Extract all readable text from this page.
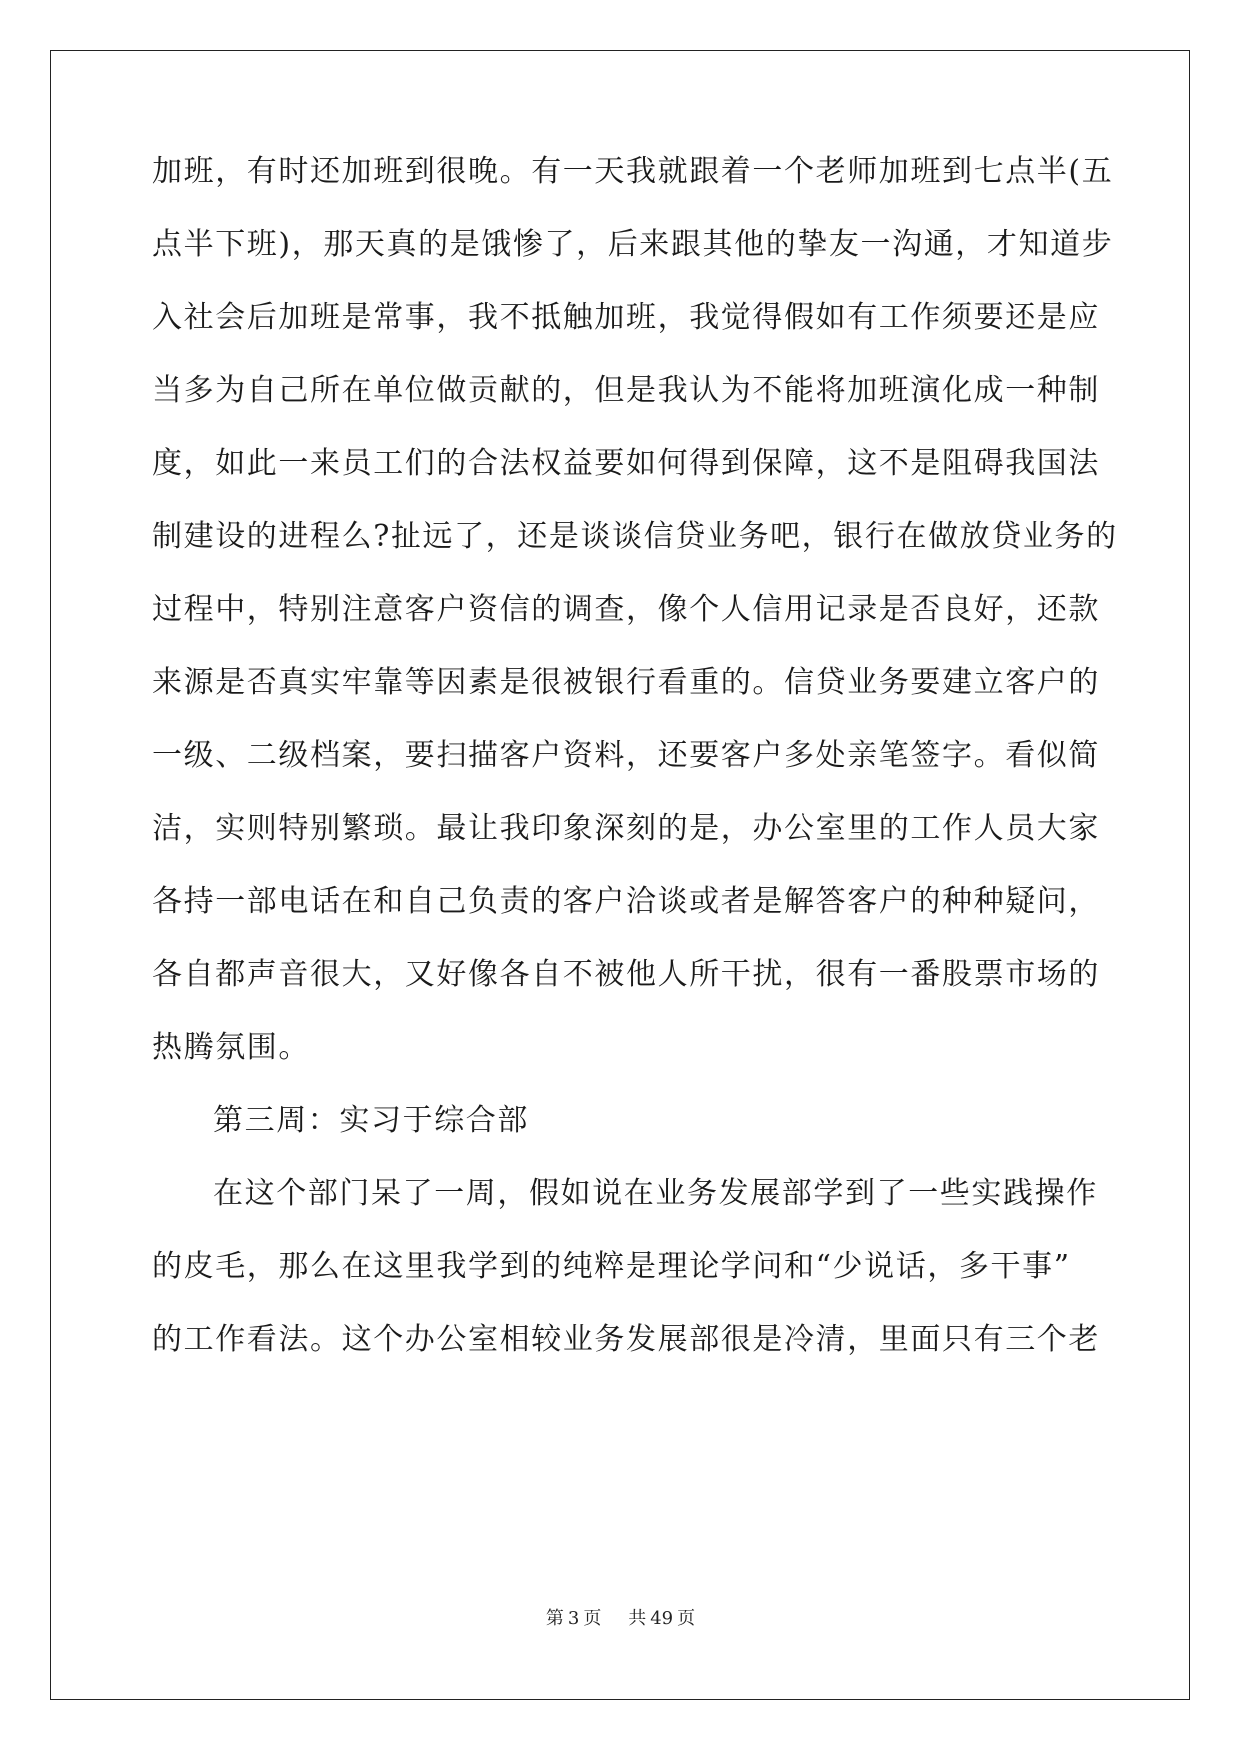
加班，有时还加班到很晚。有一天我就跟着一个老师加班到七点半(五
点半下班)，那天真的是饿惨了，后来跟其他的挚友一沟通，才知道步
入社会后加班是常事，我不抵触加班，我觉得假如有工作须要还是应
当多为自己所在单位做贡献的，但是我认为不能将加班演化成一种制
度，如此一来员工们的合法权益要如何得到保障，这不是阻碍我国法
制建设的进程么?扯远了，还是谈谈信贷业务吧，银行在做放贷业务的
过程中，特别注意客户资信的调查，像个人信用记录是否良好，还款
来源是否真实牢靠等因素是很被银行看重的。信贷业务要建立客户的
一级、二级档案，要扫描客户资料，还要客户多处亲笔签字。看似简
洁，实则特别繁琐。最让我印象深刻的是，办公室里的工作人员大家
各持一部电话在和自己负责的客户洽谈或者是解答客户的种种疑问，
各自都声音很大，又好像各自不被他人所干扰，很有一番股票市场的
热腾氛围。
第三周：实习于综合部
在这个部门呆了一周，假如说在业务发展部学到了一些实践操作
的皮毛，那么在这里我学到的纯粹是理论学问和“少说话，多干事”
的工作看法。这个办公室相较业务发展部很是冷清，里面只有三个老
第 3 页 共 49 页
